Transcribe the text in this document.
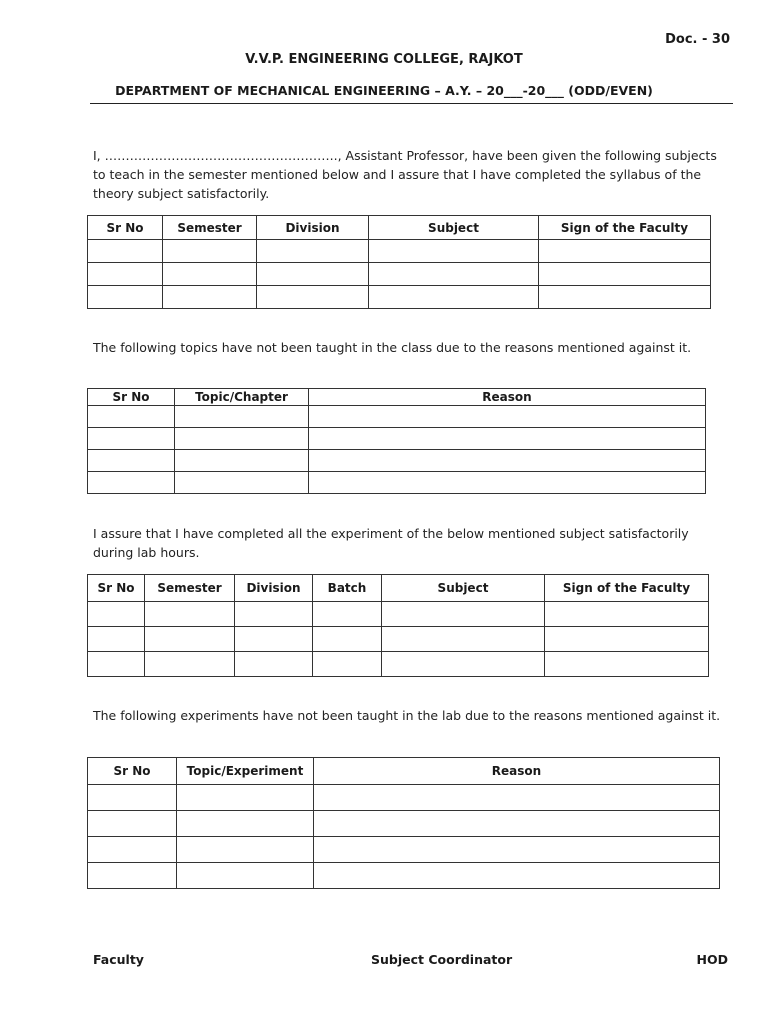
Doc. - 30
V.V.P. ENGINEERING COLLEGE, RAJKOT
DEPARTMENT OF MECHANICAL ENGINEERING – A.Y. – 20___-20___ (ODD/EVEN)

I, ……………………………………………….., Assistant Professor, have been given the following subjects to teach in the semester mentioned below and I assure that I have completed the syllabus of the theory subject satisfactorily.

Sr No	Semester	Division	Subject	Sign of the Faculty

The following topics have not been taught in the class due to the reasons mentioned against it.

Sr No	Topic/Chapter	Reason

I assure that I have completed all the experiment of the below mentioned subject satisfactorily during lab hours.

Sr No	Semester	Division	Batch	Subject	Sign of the Faculty

The following experiments have not been taught in the lab due to the reasons mentioned against it.

Sr No	Topic/Experiment	Reason

Faculty	Subject Coordinator	HOD
